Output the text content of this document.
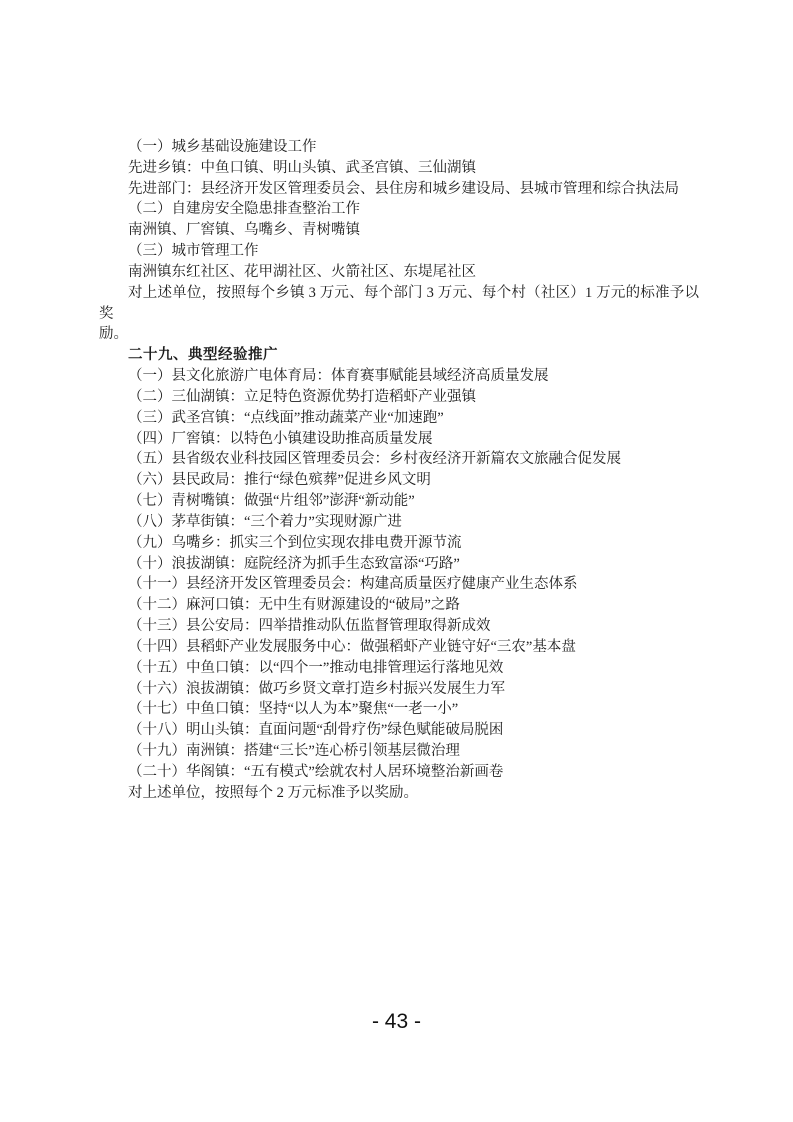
（一）城乡基础设施建设工作
先进乡镇：中鱼口镇、明山头镇、武圣宫镇、三仙湖镇
先进部门：县经济开发区管理委员会、县住房和城乡建设局、县城市管理和综合执法局
（二）自建房安全隐患排查整治工作
南洲镇、厂窖镇、乌嘴乡、青树嘴镇
（三）城市管理工作
南洲镇东红社区、花甲湖社区、火箭社区、东堤尾社区
对上述单位，按照每个乡镇 3 万元、每个部门 3 万元、每个村（社区）1 万元的标准予以奖
励。
二十九、典型经验推广
（一）县文化旅游广电体育局：体育赛事赋能县域经济高质量发展
（二）三仙湖镇：立足特色资源优势打造稻虾产业强镇
（三）武圣宫镇：“点线面”推动蔬菜产业“加速跑”
（四）厂窖镇：以特色小镇建设助推高质量发展
（五）县省级农业科技园区管理委员会：乡村夜经济开新篇农文旅融合促发展
（六）县民政局：推行“绿色殡葬”促进乡风文明
（七）青树嘴镇：做强“片组邻”澎湃“新动能”
（八）茅草街镇：“三个着力”实现财源广进
（九）乌嘴乡：抓实三个到位实现农排电费开源节流
（十）浪拔湖镇：庭院经济为抓手生态致富添“巧路”
（十一）县经济开发区管理委员会：构建高质量医疗健康产业生态体系
（十二）麻河口镇：无中生有财源建设的“破局”之路
（十三）县公安局：四举措推动队伍监督管理取得新成效
（十四）县稻虾产业发展服务中心：做强稻虾产业链守好“三农”基本盘
（十五）中鱼口镇：以“四个一”推动电排管理运行落地见效
（十六）浪拔湖镇：做巧乡贤文章打造乡村振兴发展生力军
（十七）中鱼口镇：坚持“以人为本”聚焦“一老一小”
（十八）明山头镇：直面问题“刮骨疗伤”绿色赋能破局脱困
（十九）南洲镇：搭建“三长”连心桥引领基层微治理
（二十）华阁镇：“五有模式”绘就农村人居环境整治新画卷
对上述单位，按照每个 2 万元标准予以奖励。
- 43 -
